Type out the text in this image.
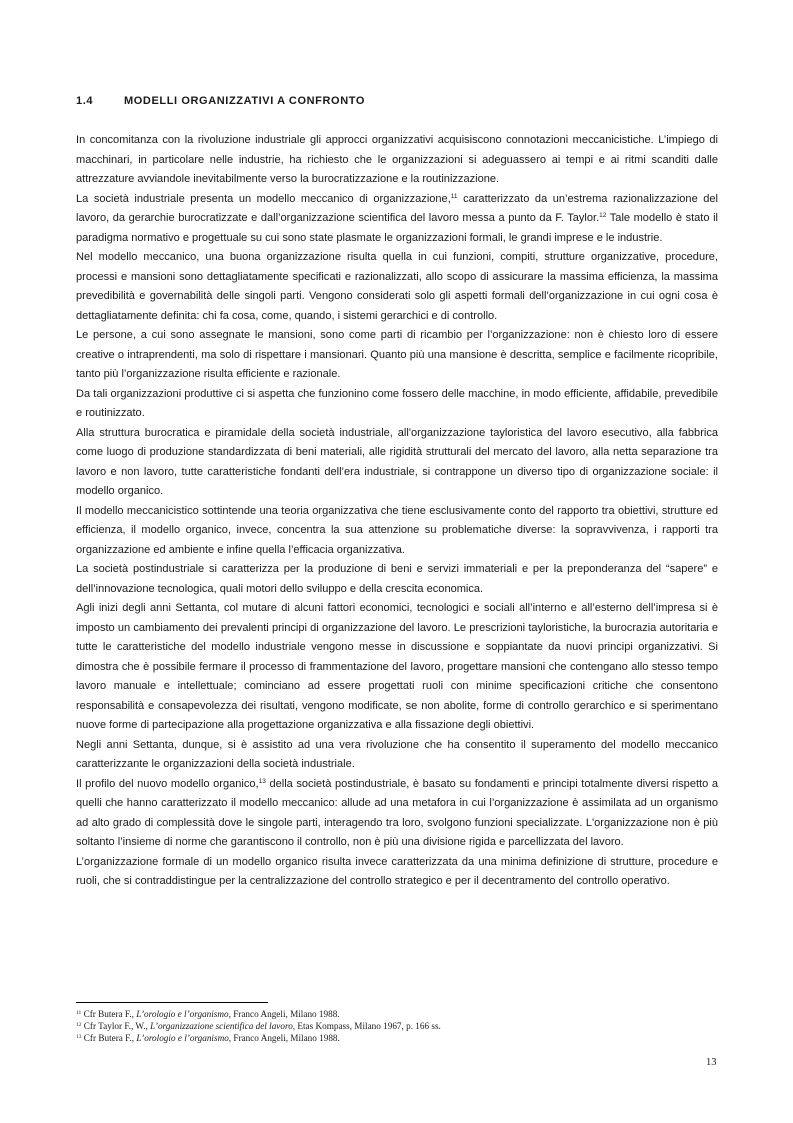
1.4	MODELLI ORGANIZZATIVI A CONFRONTO

In concomitanza con la rivoluzione industriale gli approcci organizzativi acquisiscono connotazioni meccanicistiche. L’impiego di macchinari, in particolare nelle industrie, ha richiesto che le organizzazioni si adeguassero ai tempi e ai ritmi scanditi dalle attrezzature avviandole inevitabilmente verso la burocratizzazione e la routinizzazione.

La società industriale presenta un modello meccanico di organizzazione,$^{11}$ caratterizzato da un’estrema razionalizzazione del lavoro, da gerarchie burocratizzate e dall’organizzazione scientifica del lavoro messa a punto da F. Taylor.$^{12}$ Tale modello è stato il paradigma normativo e progettuale su cui sono state plasmate le organizzazioni formali, le grandi imprese e le industrie.

Nel modello meccanico, una buona organizzazione risulta quella in cui funzioni, compiti, strutture organizzative, procedure, processi e mansioni sono dettagliatamente specificati e razionalizzati, allo scopo di assicurare la massima efficienza, la massima prevedibilità e governabilità delle singoli parti. Vengono considerati solo gli aspetti formali dell’organizzazione in cui ogni cosa è dettagliatamente definita: chi fa cosa, come, quando, i sistemi gerarchici e di controllo.

Le persone, a cui sono assegnate le mansioni, sono come parti di ricambio per l’organizzazione: non è chiesto loro di essere creative o intraprendenti, ma solo di rispettare i mansionari. Quanto più una mansione è descritta, semplice e facilmente ricopribile, tanto più l’organizzazione risulta efficiente e razionale.

Da tali organizzazioni produttive ci si aspetta che funzionino come fossero delle macchine, in modo efficiente, affidabile, prevedibile e routinizzato.

Alla struttura burocratica e piramidale della società industriale, all'organizzazione tayloristica del lavoro esecutivo, alla fabbrica come luogo di produzione standardizzata di beni materiali, alle rigidità strutturali del mercato del lavoro, alla netta separazione tra lavoro e non lavoro, tutte caratteristiche fondanti dell’era industriale, si contrappone un diverso tipo di organizzazione sociale: il modello organico.

Il modello meccanicistico sottintende una teoria organizzativa che tiene esclusivamente conto del rapporto tra obiettivi, strutture ed efficienza, il modello organico, invece, concentra la sua attenzione su problematiche diverse: la sopravvivenza, i rapporti tra organizzazione ed ambiente e infine quella l’efficacia organizzativa.

La società postindustriale si caratterizza per la produzione di beni e servizi immateriali e per la preponderanza del “sapere” e dell’innovazione tecnologica, quali motori dello sviluppo e della crescita economica.

Agli inizi degli anni Settanta, col mutare di alcuni fattori economici, tecnologici e sociali all’interno e all’esterno dell’impresa si è imposto un cambiamento dei prevalenti principi di organizzazione del lavoro. Le prescrizioni tayloristiche, la burocrazia autoritaria e tutte le caratteristiche del modello industriale vengono messe in discussione e soppiantate da nuovi principi organizzativi. Si dimostra che è possibile fermare il processo di frammentazione del lavoro, progettare mansioni che contengano allo stesso tempo lavoro manuale e intellettuale; cominciano ad essere progettati ruoli con minime specificazioni critiche che consentono responsabilità e consapevolezza dei risultati, vengono modificate, se non abolite, forme di controllo gerarchico e si sperimentano nuove forme di partecipazione alla progettazione organizzativa e alla fissazione degli obiettivi.

Negli anni Settanta, dunque, si è assistito ad una vera rivoluzione che ha consentito il superamento del modello meccanico caratterizzante le organizzazioni della società industriale.

Il profilo del nuovo modello organico,$^{13}$ della società postindustriale, è basato su fondamenti e principi totalmente diversi rispetto a quelli che hanno caratterizzato il modello meccanico: allude ad una metafora in cui l’organizzazione è assimilata ad un organismo ad alto grado di complessità dove le singole parti, interagendo tra loro, svolgono funzioni specializzate. L'organizzazione non è più soltanto l’insieme di norme che garantiscono il controllo, non è più una divisione rigida e parcellizzata del lavoro.

L’organizzazione formale di un modello organico risulta invece caratterizzata da una minima definizione di strutture, procedure e ruoli, che si contraddistingue per la centralizzazione del controllo strategico e per il decentramento del controllo operativo.

$^{11}$ Cfr Butera F., L’orologio e l’organismo, Franco Angeli, Milano 1988.

$^{12}$ Cfr Taylor F., W., L’organizzazione scientifica del lavoro, Etas Kompass, Milano 1967, p. 166 ss.

$^{13}$ Cfr Butera F., L’orologio e l’organismo, Franco Angeli, Milano 1988.

13
